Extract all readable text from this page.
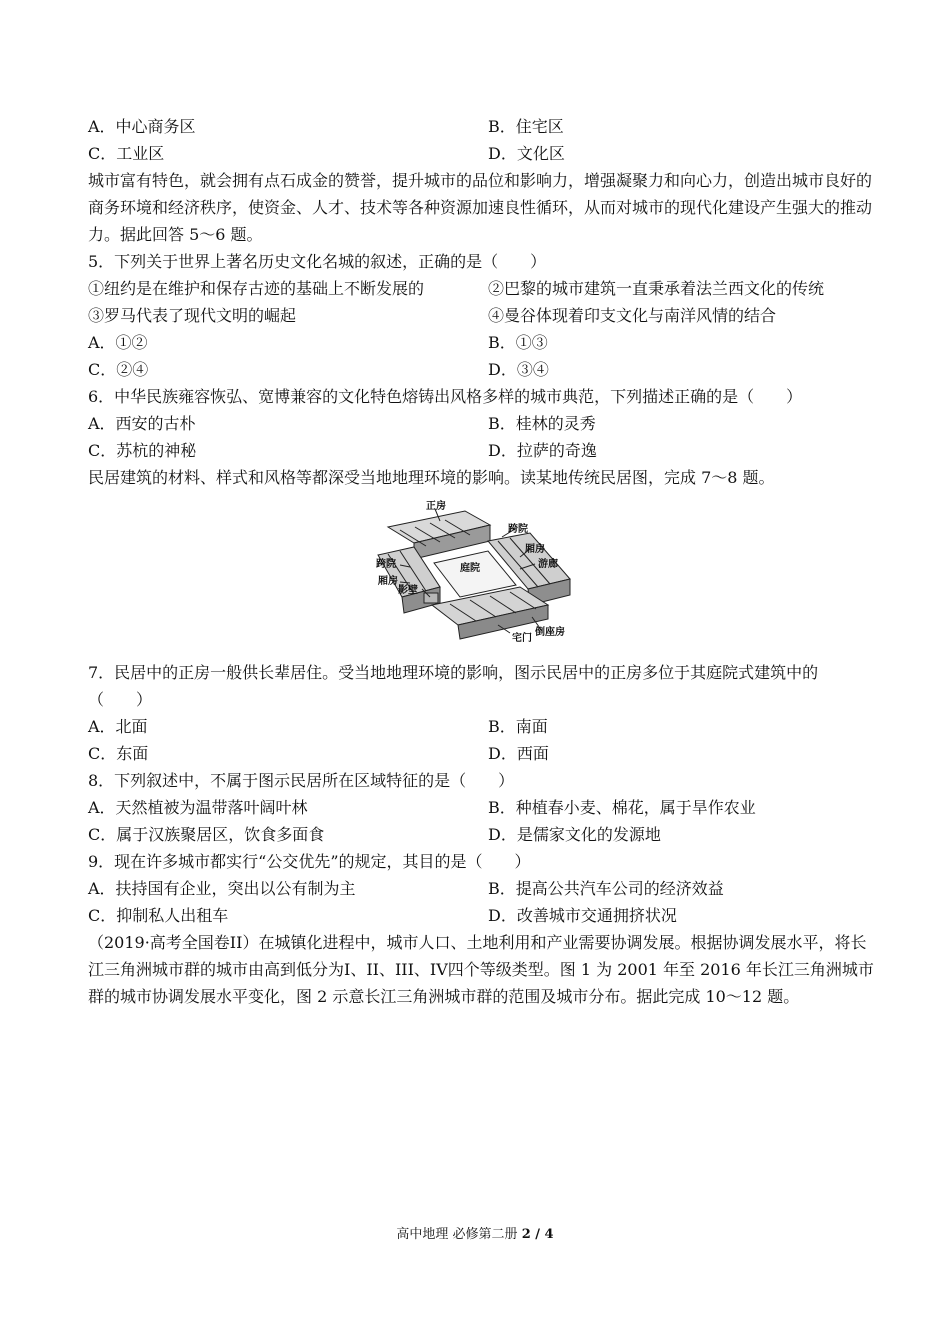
A．中心商务区	B．住宅区
C．工业区	D．文化区
城市富有特色，就会拥有点石成金的赞誉，提升城市的品位和影响力，增强凝聚力和向心力，创造出城市良好的商务环境和经济秩序，使资金、人才、技术等各种资源加速良性循环，从而对城市的现代化建设产生强大的推动力。据此回答 5～6 题。
5．下列关于世界上著名历史文化名城的叙述，正确的是（　　）
①纽约是在维护和保存古迹的基础上不断发展的	②巴黎的城市建筑一直秉承着法兰西文化的传统
③罗马代表了现代文明的崛起	④曼谷体现着印支文化与南洋风情的结合
A．①②	B．①③
C．②④	D．③④
6．中华民族雍容恢弘、宽博兼容的文化特色熔铸出风格多样的城市典范，下列描述正确的是（　　）
A．西安的古朴	B．桂林的灵秀
C．苏杭的神秘	D．拉萨的奇逸
民居建筑的材料、样式和风格等都深受当地地理环境的影响。读某地传统民居图，完成 7～8 题。
正房
跨院
厢房
游廊
跨院	庭院
厢房
影壁
倒座房
宅门
7．民居中的正房一般供长辈居住。受当地地理环境的影响，图示民居中的正房多位于其庭院式建筑中的
（　　）
A．北面	B．南面
C．东面	D．西面
8．下列叙述中，不属于图示民居所在区域特征的是（　　）
A．天然植被为温带落叶阔叶林	B．种植春小麦、棉花，属于旱作农业
C．属于汉族聚居区，饮食多面食	D．是儒家文化的发源地
9．现在许多城市都实行“公交优先”的规定，其目的是（　　）
A．扶持国有企业，突出以公有制为主	B．提高公共汽车公司的经济效益
C．抑制私人出租车	D．改善城市交通拥挤状况
（2019·高考全国卷II）在城镇化进程中，城市人口、土地利用和产业需要协调发展。根据协调发展水平，将长江三角洲城市群的城市由高到低分为I、II、III、IV四个等级类型。图 1 为 2001 年至 2016 年长江三角洲城市群的城市协调发展水平变化，图 2 示意长江三角洲城市群的范围及城市分布。据此完成 10～12 题。
高中地理 必修第二册 2 / 4
